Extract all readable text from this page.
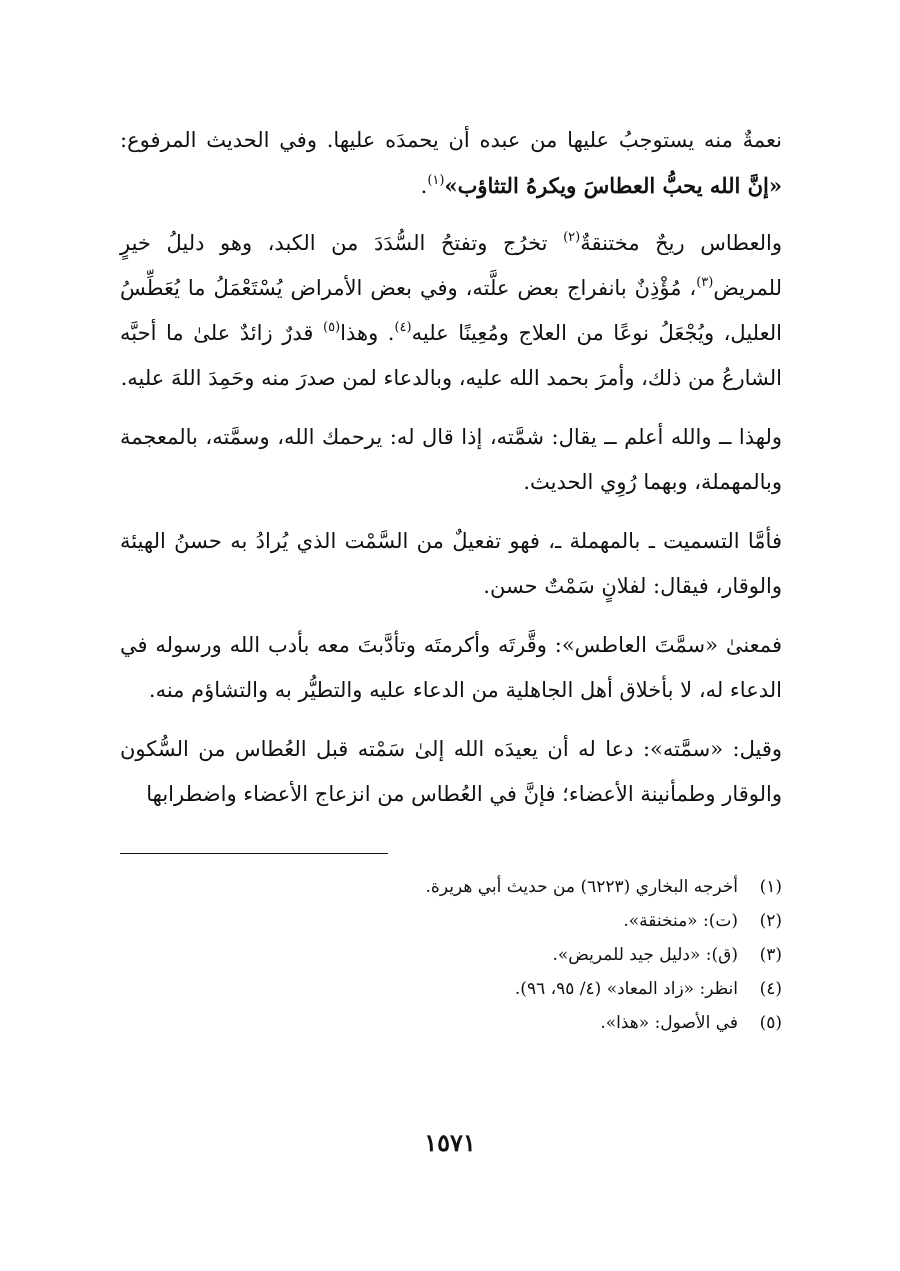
نعمةٌ منه يستوجبُ عليها من عبده أن يحمدَه عليها. وفي الحديث المرفوع: «إنَّ الله يحبُّ العطاسَ ويكرهُ التثاؤب»$^{(١)}$.

والعطاس ريحٌ مختنقةٌ$^{(٢)}$ تخرُج وتفتحُ السُّدَدَ من الكبد، وهو دليلُ خيرٍ للمريض$^{(٣)}$، مُؤْذِنٌ بانفراج بعض علَّته، وفي بعض الأمراض يُسْتَعْمَلُ ما يُعَطِّسُ العليل، ويُجْعَلُ نوعًا من العلاج ومُعِينًا عليه$^{(٤)}$. وهذا$^{(٥)}$ قدرٌ زائدٌ علىٰ ما أحبَّه الشارعُ من ذلك، وأمرَ بحمد الله عليه، وبالدعاء لمن صدرَ منه وحَمِدَ اللهَ عليه.

ولهذا ــ والله أعلم ــ يقال: شمَّته، إذا قال له: يرحمك الله، وسمَّته، بالمعجمة وبالمهملة، وبهما رُوِي الحديث.

فأمَّا التسميت ـ بالمهملة ـ، فهو تفعيلٌ من السَّمْت الذي يُرادُ به حسنُ الهيئة والوقار، فيقال: لفلانٍ سَمْتٌ حسن.

فمعنىٰ «سمَّتَ العاطس»: وقَّرتَه وأكرمتَه وتأدَّبتَ معه بأدب الله ورسوله في الدعاء له، لا بأخلاق أهل الجاهلية من الدعاء عليه والتطيُّر به والتشاؤم منه.

وقيل: «سمَّته»: دعا له أن يعيدَه الله إلىٰ سَمْته قبل العُطاس من السُّكون والوقار وطمأنينة الأعضاء؛ فإنَّ في العُطاس من انزعاج الأعضاء واضطرابها

(١)
أخرجه البخاري (٦٢٢٣) من حديث أبي هريرة.
(٢)
(ت): «منخنقة».
(٣)
(ق): «دليل جيد للمريض».
(٤)
انظر: «زاد المعاد» (٤/ ٩٥، ٩٦).
(٥)
في الأصول: «هذا».
١٥٧١
